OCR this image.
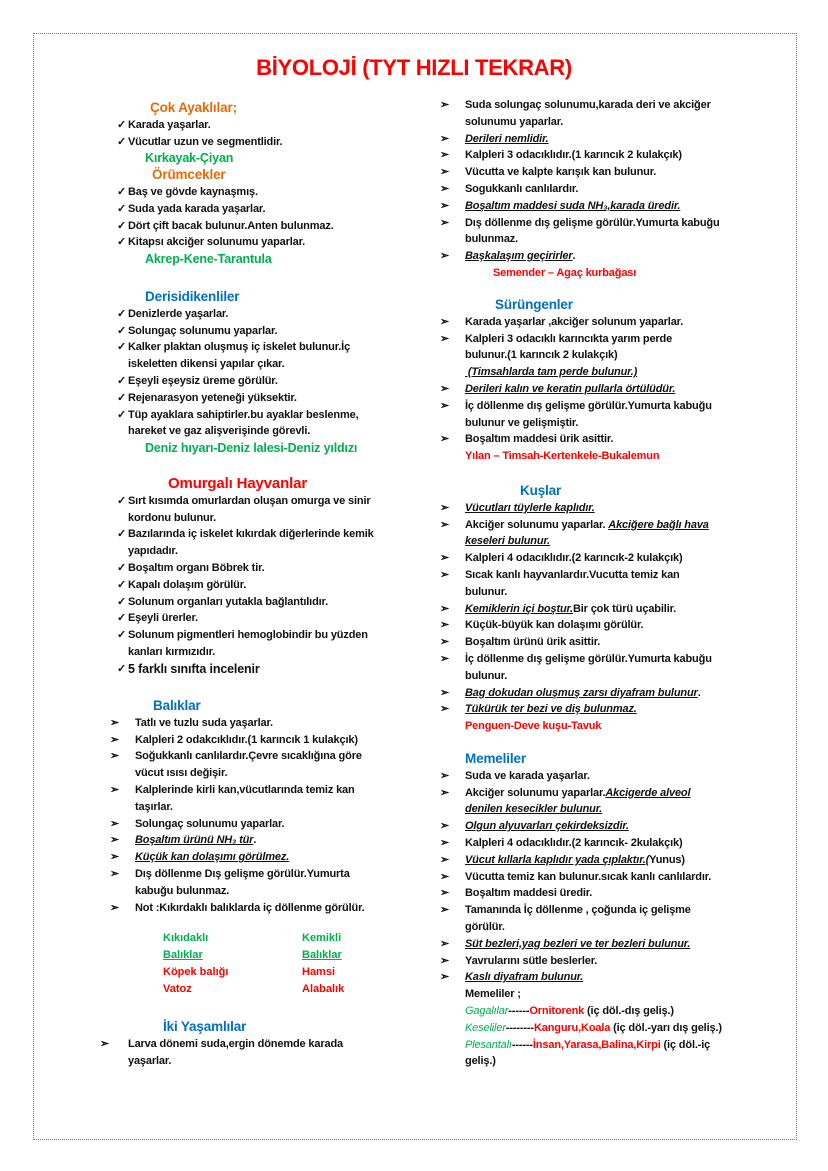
BİYOLOJİ (TYT HIZLI TEKRAR)
Çok Ayaklılar;
✓ Karada yaşarlar.
✓ Vücutlar uzun ve segmentlidir.
Kırkayak-Çiyan
Örümcekler
✓ Baş ve gövde kaynaşmış.
✓ Suda yada karada yaşarlar.
✓ Dört çift bacak bulunur.Anten bulunmaz.
✓ Kitapsı akciğer solunumu yaparlar.
Akrep-Kene-Tarantula
Derisidikenliler
✓ Denizlerde yaşarlar.
✓ Solungaç solunumu yaparlar.
✓ Kalker plaktan oluşmuş iç iskelet bulunur.İç
iskeletten dikensi yapılar çıkar.
✓ Eşeyli eşeysiz üreme görülür.
✓ Rejenarasyon yeteneği yüksektir.
✓ Tüp ayaklara sahiptirler.bu ayaklar beslenme,
hareket ve gaz alişverişinde görevli.
Deniz hıyarı-Deniz lalesi-Deniz yıldızı
Omurgalı Hayvanlar
✓ Sırt kısımda omurlardan oluşan omurga ve sinir
kordonu bulunur.
✓ Bazılarında iç iskelet kıkırdak diğerlerinde kemik
yapıdadır.
✓ Boşaltım organı Böbrek tir.
✓ Kapalı dolaşım görülür.
✓ Solunum organları yutakla bağlantılıdır.
✓ Eşeyli ürerler.
✓ Solunum pigmentleri hemoglobindir bu yüzden
kanları kırmızıdır.
✓ 5 farklı sınıfta incelenir
Balıklar
➢ Tatlı ve tuzlu suda yaşarlar.
➢ Kalpleri 2 odakcıklıdır.(1 karıncık 1 kulakçık)
➢ Soğukkanlı canlılardır.Çevre sıcaklığına göre
vücut ısısı değişir.
➢ Kalplerinde kirli kan,vücutlarında temiz kan
taşırlar.
➢ Solungaç solunumu yaparlar.
➢ Boşaltım ürünü NH₃ tür.
➢ Küçük kan dolaşımı görülmez.
➢ Dış döllenme Dış gelişme görülür.Yumurta
kabuğu bulunmaz.
➢ Not :Kıkırdaklı balıklarda iç döllenme görülür.
İki Yaşamlılar
➢ Larva dönemi suda,ergin dönemde karada
yaşarlar.
➢ Suda solungaç solunumu,karada deri ve akciğer
solunumu yaparlar.
➢ Derileri nemlidir.
➢ Kalpleri 3 odacıklıdır.(1 karıncık 2 kulakçık)
➢ Vücutta ve kalpte karışık kan bulunur.
➢ Sogukkanlı canlılardır.
➢ Boşaltım maddesi suda NH₃,karada üredir.
➢ Dış döllenme dış gelişme görülür.Yumurta kabuğu
bulunmaz.
➢ Başkalaşım geçirirler.
Semender – Agaç kurbağası
Sürüngenler
➢ Karada yaşarlar ,akciğer solunum yaparlar.
➢ Kalpleri 3 odacıklı karıncıkta yarım perde
bulunur.(1 karıncık 2 kulakçık)
(Timsahlarda tam perde bulunur.)
➢ Derileri kalın ve keratin pullarla örtülüdür.
➢ İç döllenme dış gelişme görülür.Yumurta kabuğu
bulunur ve gelişmiştir.
➢ Boşaltım maddesi ürik asittir.
Yılan – Timsah-Kertenkele-Bukalemun
Kuşlar
➢ Vücutları tüylerle kaplıdır.
➢ Akciğer solunumu yaparlar. Akciğere bağlı hava
keseleri bulunur.
➢ Kalpleri 4 odacıklıdır.(2 karıncık-2 kulakçık)
➢ Sıcak kanlı hayvanlardır.Vucutta temiz kan
bulunur.
➢ Kemiklerin içi boştur.Bir çok türü uçabilir.
➢ Küçük-büyük kan dolaşımı görülür.
➢ Boşaltım ürünü ürik asittir.
➢ İç döllenme dış gelişme görülür.Yumurta kabuğu
bulunur.
➢ Bag dokudan oluşmuş zarsı diyafram bulunur.
➢ Tükürük ter bezi ve diş bulunmaz.
Penguen-Deve kuşu-Tavuk
Memeliler
➢ Suda ve karada yaşarlar.
➢ Akciğer solunumu yaparlar.Akcigerde alveol
denilen kesecikler bulunur.
➢ Olgun alyuvarları çekirdeksizdir.
➢ Kalpleri 4 odacıklıdır.(2 karıncık- 2kulakçık)
➢ Vücut kıllarla kaplıdır yada çıplaktır.(Yunus)
➢ Vücutta temiz kan bulunur.sıcak kanlı canlılardır.
➢ Boşaltım maddesi üredir.
➢ Tamanında İç döllenme , çoğunda iç gelişme
görülür.
➢ Süt bezleri,yag bezleri ve ter bezleri bulunur.
➢ Yavrularını sütle beslerler.
➢ Kaslı diyafram bulunur.
Memeliler ;
Gagalılar------Ornitorenk (iç döl.-dış geliş.)
Keseliler--------Kanguru,Koala (iç döl.-yarı dış geliş.)
Plesantalı------İnsan,Yarasa,Balina,Kirpi (iç döl.-iç
geliş.)
Kıkıdaklı	Kemikli
Balıklar	Balıklar
Köpek balığı	Hamsi
Vatoz	Alabalık
